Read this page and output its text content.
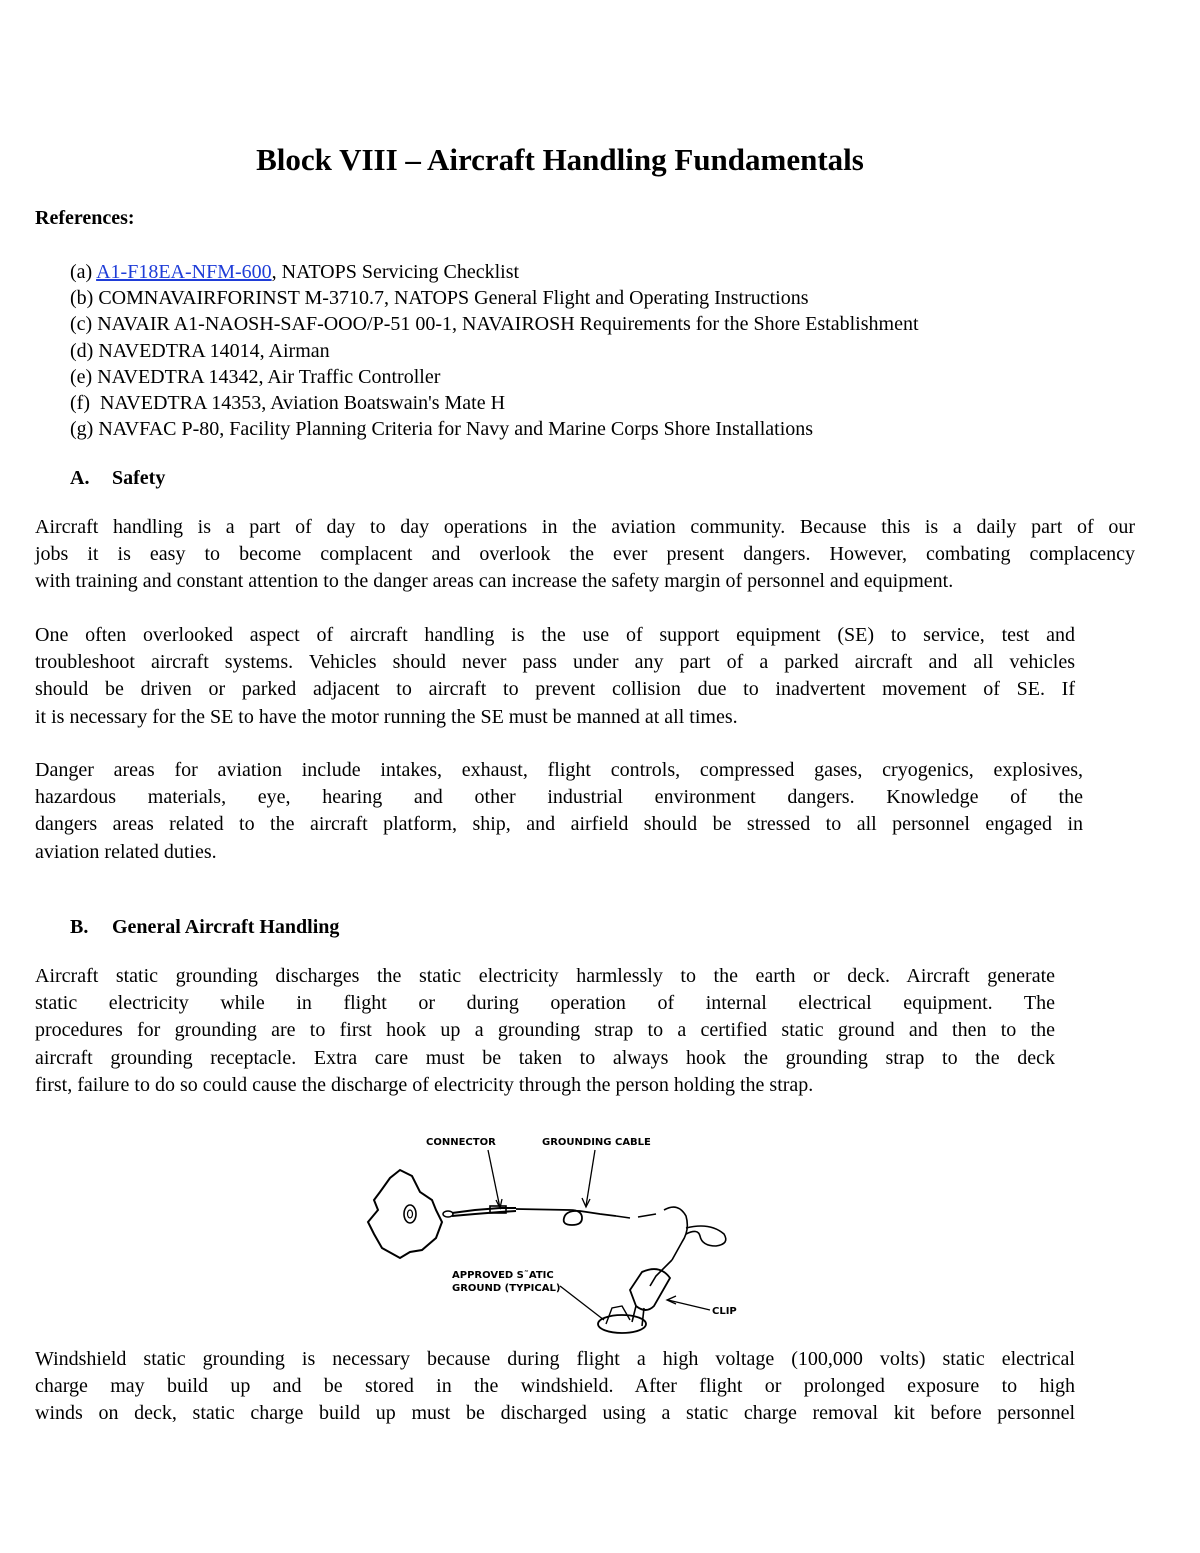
Block VIII – Aircraft Handling Fundamentals
References:
(a) A1-F18EA-NFM-600, NATOPS Servicing Checklist
(b) COMNAVAIRFORINST M-3710.7, NATOPS General Flight and Operating Instructions
(c) NAVAIR A1-NAOSH-SAF-OOO/P-51 00-1, NAVAIROSH Requirements for the Shore Establishment
(d) NAVEDTRA 14014, Airman
(e) NAVEDTRA 14342, Air Traffic Controller
(f)  NAVEDTRA 14353, Aviation Boatswain's Mate H
(g) NAVFAC P-80, Facility Planning Criteria for Navy and Marine Corps Shore Installations
A. Safety

Aircraft handling is a part of day to day operations in the aviation community. Because this is a daily part of our
jobs it is easy to become complacent and overlook the ever present dangers. However, combating complacency
with training and constant attention to the danger areas can increase the safety margin of personnel and equipment.

One often overlooked aspect of aircraft handling is the use of support equipment (SE) to service, test and
troubleshoot aircraft systems. Vehicles should never pass under any part of a parked aircraft and all vehicles
should be driven or parked adjacent to aircraft to prevent collision due to inadvertent movement of SE. If
it is necessary for the SE to have the motor running the SE must be manned at all times.

Danger areas for aviation include intakes, exhaust, flight controls, compressed gases, cryogenics, explosives,
hazardous materials, eye, hearing and other industrial environment dangers. Knowledge of the
dangers areas related to the aircraft platform, ship, and airfield should be stressed to all personnel engaged in
aviation related duties.

B. General Aircraft Handling

Aircraft static grounding discharges the static electricity harmlessly to the earth or deck. Aircraft generate
static electricity while in flight or during operation of internal electrical equipment. The
procedures for grounding are to first hook up a grounding strap to a certified static ground and then to the
aircraft grounding receptacle. Extra care must be taken to always hook the grounding strap to the deck
first, failure to do so could cause the discharge of electricity through the person holding the strap.

CONNECTOR	GROUNDING CABLE
APPROVED S˜ATIC
GROUND (TYPICAL)
CLIP

Windshield static grounding is necessary because during flight a high voltage (100,000 volts) static electrical
charge may build up and be stored in the windshield. After flight or prolonged exposure to high
winds on deck, static charge build up must be discharged using a static charge removal kit before personnel
